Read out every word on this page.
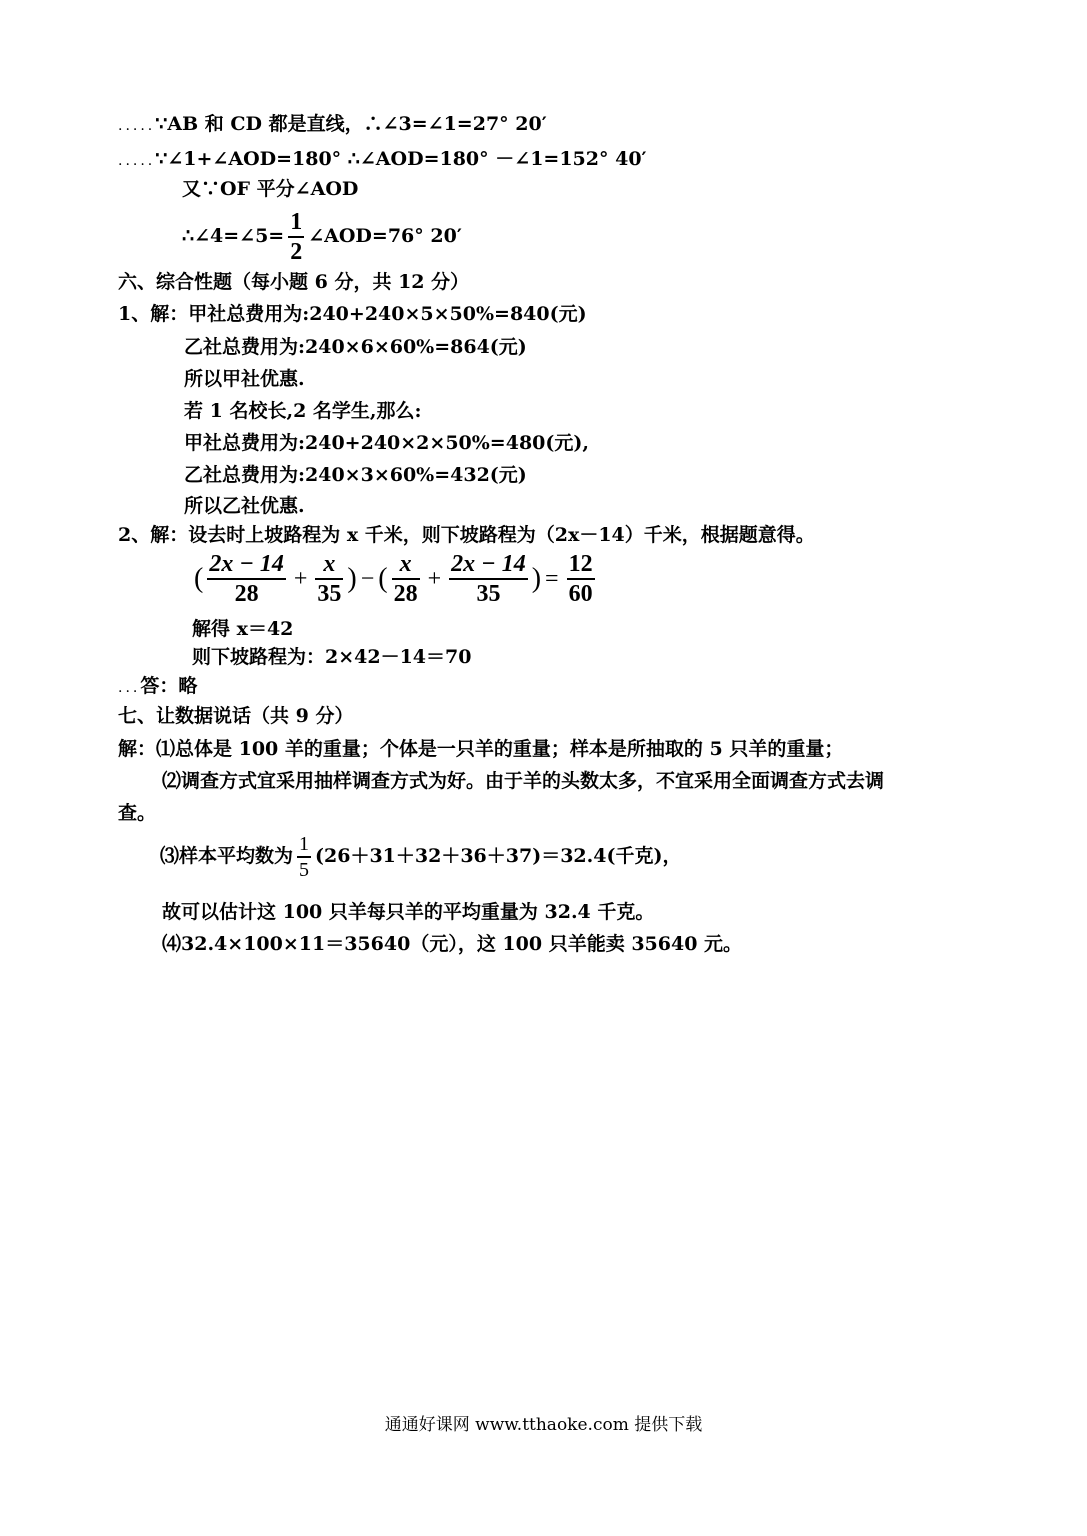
.....∵AB 和 CD 都是直线，∴∠3=∠1=27° 20′
.....∵∠1+∠AOD=180° ∴∠AOD=180° －∠1=152° 40′
又∵OF 平分∠AOD
∴∠4=∠5= $\frac{1}{2}$ ∠AOD=76° 20′
六、综合性题（每小题 6 分，共 12 分）
1、解：甲社总费用为:240+240×5×50%=840(元)
乙社总费用为:240×6×60%=864(元)
所以甲社优惠.
若 1 名校长,2 名学生,那么:
甲社总费用为:240+240×2×50%=480(元),
乙社总费用为:240×3×60%=432(元)
所以乙社优惠.
2、解：设去时上坡路程为 x 千米，则下坡路程为（2x－14）千米，根据题意得。
( $\frac{2x - 14}{28} + \frac{x}{35}$ ) − ( $\frac{x}{28} + \frac{2x - 14}{35}$ ) = $\frac{12}{60}$
解得 x＝42
则下坡路程为：2×42－14＝70
...答：略
七、让数据说话（共 9 分）
解：⑴总体是 100 羊的重量；个体是一只羊的重量；样本是所抽取的 5 只羊的重量；
⑵调查方式宜采用抽样调查方式为好。由于羊的头数太多，不宜采用全面调查方式去调
查。
⑶样本平均数为 $\frac{1}{5} (26+31+32+36+37)=32.4$(千克)，
故可以估计这 100 只羊每只羊的平均重量为 32.4 千克。
⑷32.4×100×11＝35640（元），这 100 只羊能卖 35640 元。
通通好课网 www.tthaoke.com 提供下载
